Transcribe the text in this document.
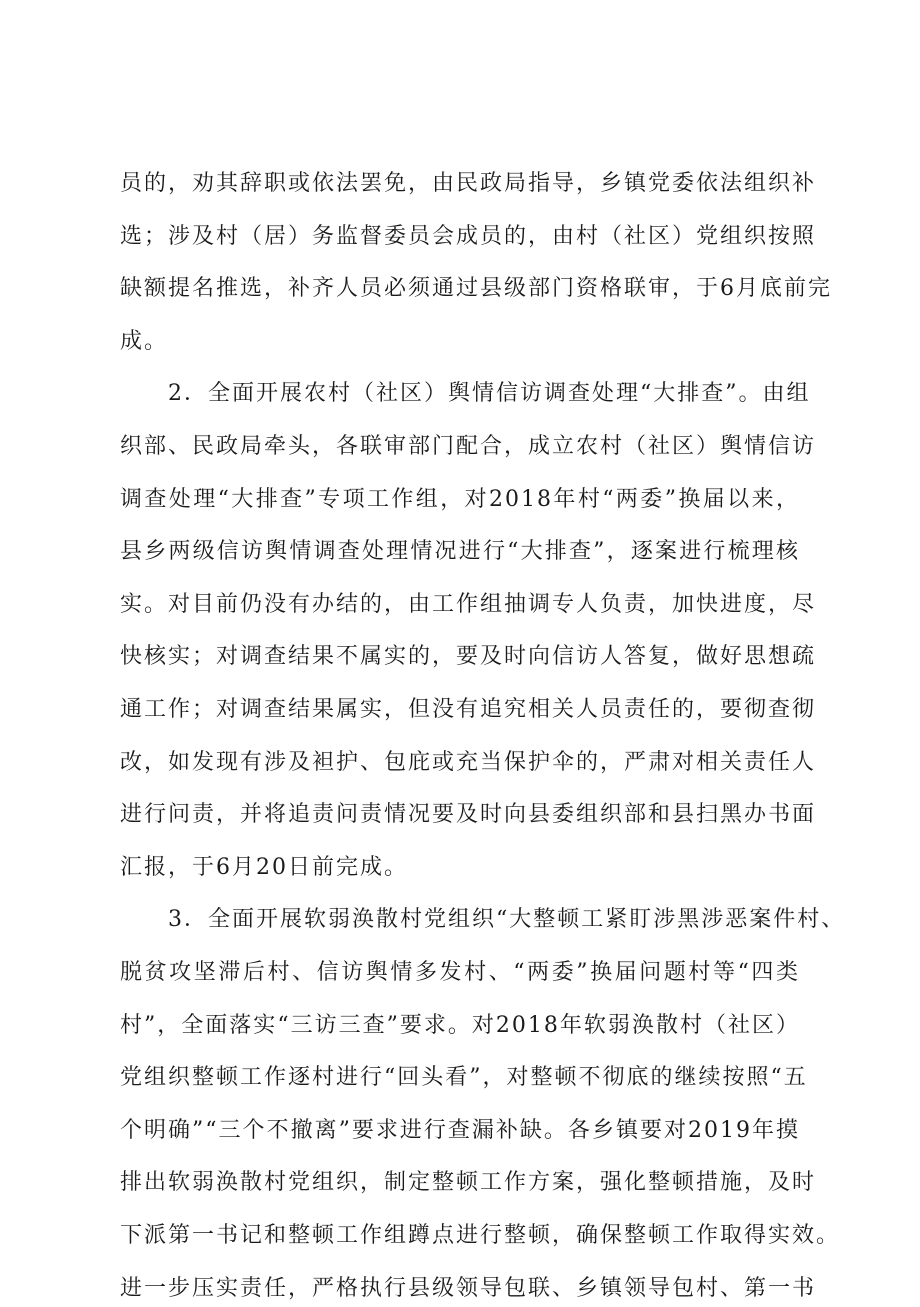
员的，劝其辞职或依法罢免，由民政局指导，乡镇党委依法组织补
选；涉及村（居）务监督委员会成员的，由村（社区）党组织按照
缺额提名推选，补齐人员必须通过县级部门资格联审，于6月底前完
成。
2．全面开展农村（社区）舆情信访调查处理“大排查”。由组
织部、民政局牵头，各联审部门配合，成立农村（社区）舆情信访
调查处理“大排查”专项工作组，对2018年村“两委”换届以来，
县乡两级信访舆情调查处理情况进行“大排查”，逐案进行梳理核
实。对目前仍没有办结的，由工作组抽调专人负责，加快进度，尽
快核实；对调查结果不属实的，要及时向信访人答复，做好思想疏
通工作；对调查结果属实，但没有追究相关人员责任的，要彻查彻
改，如发现有涉及袒护、包庇或充当保护伞的，严肃对相关责任人
进行问责，并将追责问责情况要及时向县委组织部和县扫黑办书面
汇报，于6月20日前完成。
3．全面开展软弱涣散村党组织“大整顿工紧盯涉黑涉恶案件村、
脱贫攻坚滞后村、信访舆情多发村、“两委”换届问题村等“四类
村”，全面落实“三访三查”要求。对2018年软弱涣散村（社区）
党组织整顿工作逐村进行“回头看”，对整顿不彻底的继续按照“五
个明确”“三个不撤离”要求进行查漏补缺。各乡镇要对2019年摸
排出软弱涣散村党组织，制定整顿工作方案，强化整顿措施，及时
下派第一书记和整顿工作组蹲点进行整顿，确保整顿工作取得实效。
进一步压实责任，严格执行县级领导包联、乡镇领导包村、第一书
